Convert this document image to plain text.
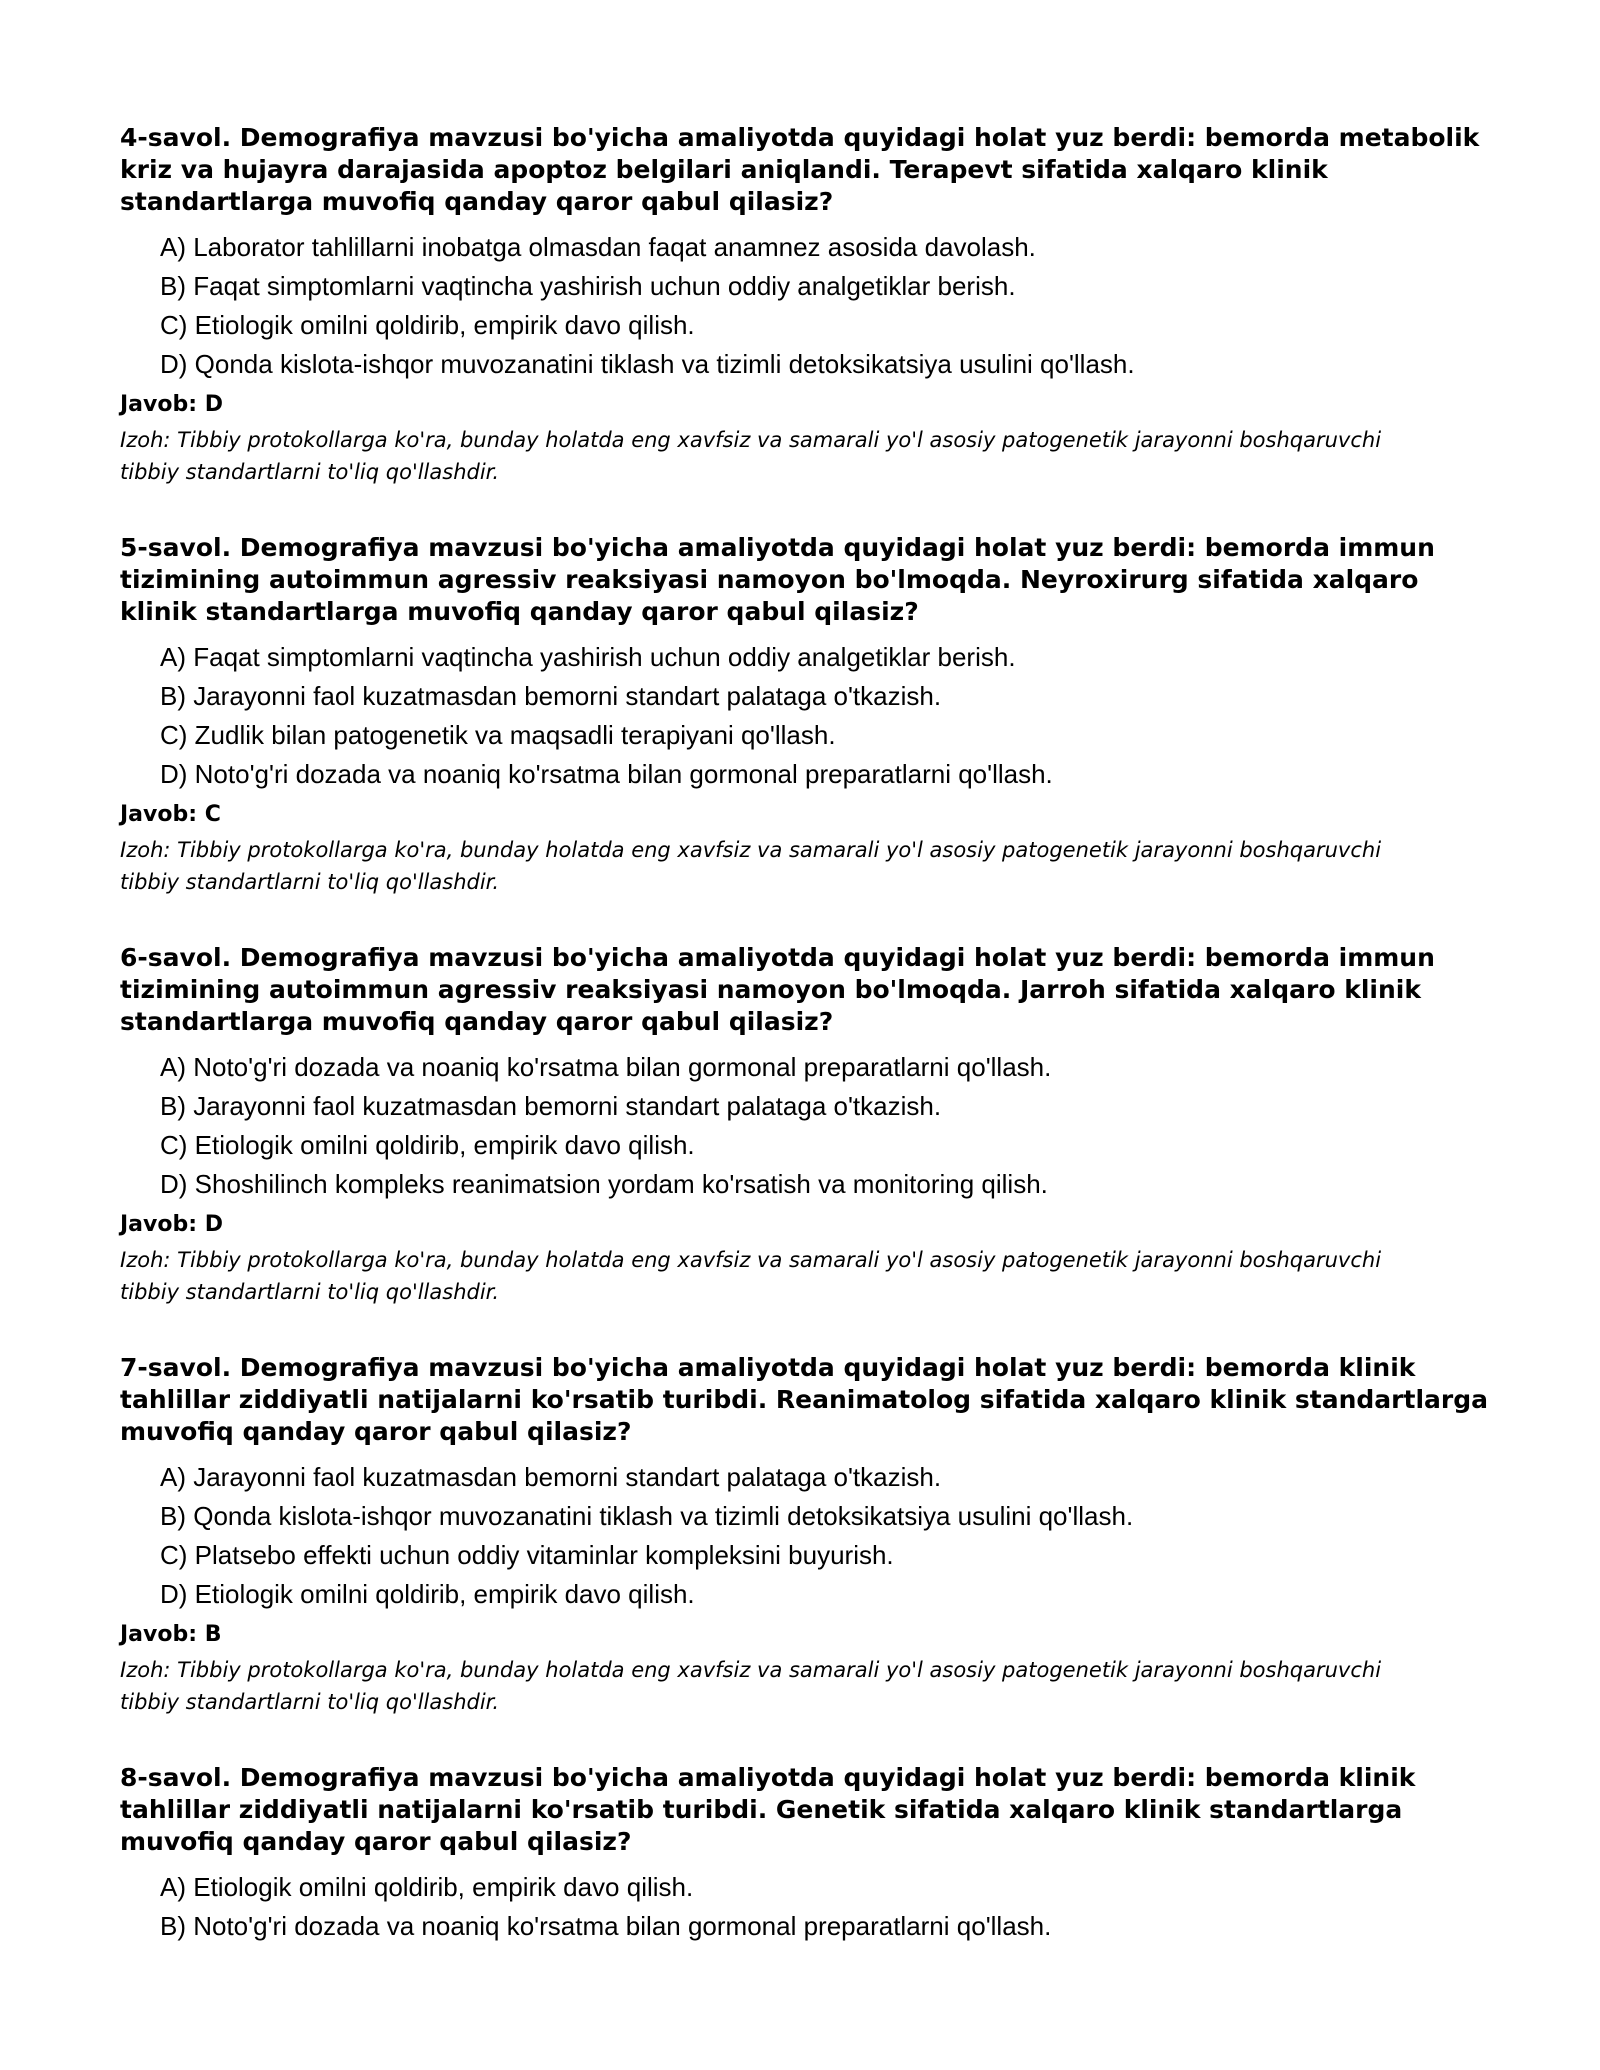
4-savol. Demografiya mavzusi bo'yicha amaliyotda quyidagi holat yuz berdi: bemorda metabolik kriz va hujayra darajasida apoptoz belgilari aniqlandi. Terapevt sifatida xalqaro klinik standartlarga muvofiq qanday qaror qabul qilasiz?
A) Laborator tahlillarni inobatga olmasdan faqat anamnez asosida davolash.
B) Faqat simptomlarni vaqtincha yashirish uchun oddiy analgetiklar berish.
C) Etiologik omilni qoldirib, empirik davo qilish.
D) Qonda kislota-ishqor muvozanatini tiklash va tizimli detoksikatsiya usulini qo'llash.
Javob: D
Izoh: Tibbiy protokollarga ko'ra, bunday holatda eng xavfsiz va samarali yo'l asosiy patogenetik jarayonni boshqaruvchi tibbiy standartlarni to'liq qo'llashdir.
5-savol. Demografiya mavzusi bo'yicha amaliyotda quyidagi holat yuz berdi: bemorda immun tizimining autoimmun agressiv reaksiyasi namoyon bo'lmoqda. Neyroxirurg sifatida xalqaro klinik standartlarga muvofiq qanday qaror qabul qilasiz?
A) Faqat simptomlarni vaqtincha yashirish uchun oddiy analgetiklar berish.
B) Jarayonni faol kuzatmasdan bemorni standart palataga o'tkazish.
C) Zudlik bilan patogenetik va maqsadli terapiyani qo'llash.
D) Noto'g'ri dozada va noaniq ko'rsatma bilan gormonal preparatlarni qo'llash.
Javob: C
Izoh: Tibbiy protokollarga ko'ra, bunday holatda eng xavfsiz va samarali yo'l asosiy patogenetik jarayonni boshqaruvchi tibbiy standartlarni to'liq qo'llashdir.
6-savol. Demografiya mavzusi bo'yicha amaliyotda quyidagi holat yuz berdi: bemorda immun tizimining autoimmun agressiv reaksiyasi namoyon bo'lmoqda. Jarroh sifatida xalqaro klinik standartlarga muvofiq qanday qaror qabul qilasiz?
A) Noto'g'ri dozada va noaniq ko'rsatma bilan gormonal preparatlarni qo'llash.
B) Jarayonni faol kuzatmasdan bemorni standart palataga o'tkazish.
C) Etiologik omilni qoldirib, empirik davo qilish.
D) Shoshilinch kompleks reanimatsion yordam ko'rsatish va monitoring qilish.
Javob: D
Izoh: Tibbiy protokollarga ko'ra, bunday holatda eng xavfsiz va samarali yo'l asosiy patogenetik jarayonni boshqaruvchi tibbiy standartlarni to'liq qo'llashdir.
7-savol. Demografiya mavzusi bo'yicha amaliyotda quyidagi holat yuz berdi: bemorda klinik tahlillar ziddiyatli natijalarni ko'rsatib turibdi. Reanimatolog sifatida xalqaro klinik standartlarga muvofiq qanday qaror qabul qilasiz?
A) Jarayonni faol kuzatmasdan bemorni standart palataga o'tkazish.
B) Qonda kislota-ishqor muvozanatini tiklash va tizimli detoksikatsiya usulini qo'llash.
C) Platsebo effekti uchun oddiy vitaminlar kompleksini buyurish.
D) Etiologik omilni qoldirib, empirik davo qilish.
Javob: B
Izoh: Tibbiy protokollarga ko'ra, bunday holatda eng xavfsiz va samarali yo'l asosiy patogenetik jarayonni boshqaruvchi tibbiy standartlarni to'liq qo'llashdir.
8-savol. Demografiya mavzusi bo'yicha amaliyotda quyidagi holat yuz berdi: bemorda klinik tahlillar ziddiyatli natijalarni ko'rsatib turibdi. Genetik sifatida xalqaro klinik standartlarga muvofiq qanday qaror qabul qilasiz?
A) Etiologik omilni qoldirib, empirik davo qilish.
B) Noto'g'ri dozada va noaniq ko'rsatma bilan gormonal preparatlarni qo'llash.
